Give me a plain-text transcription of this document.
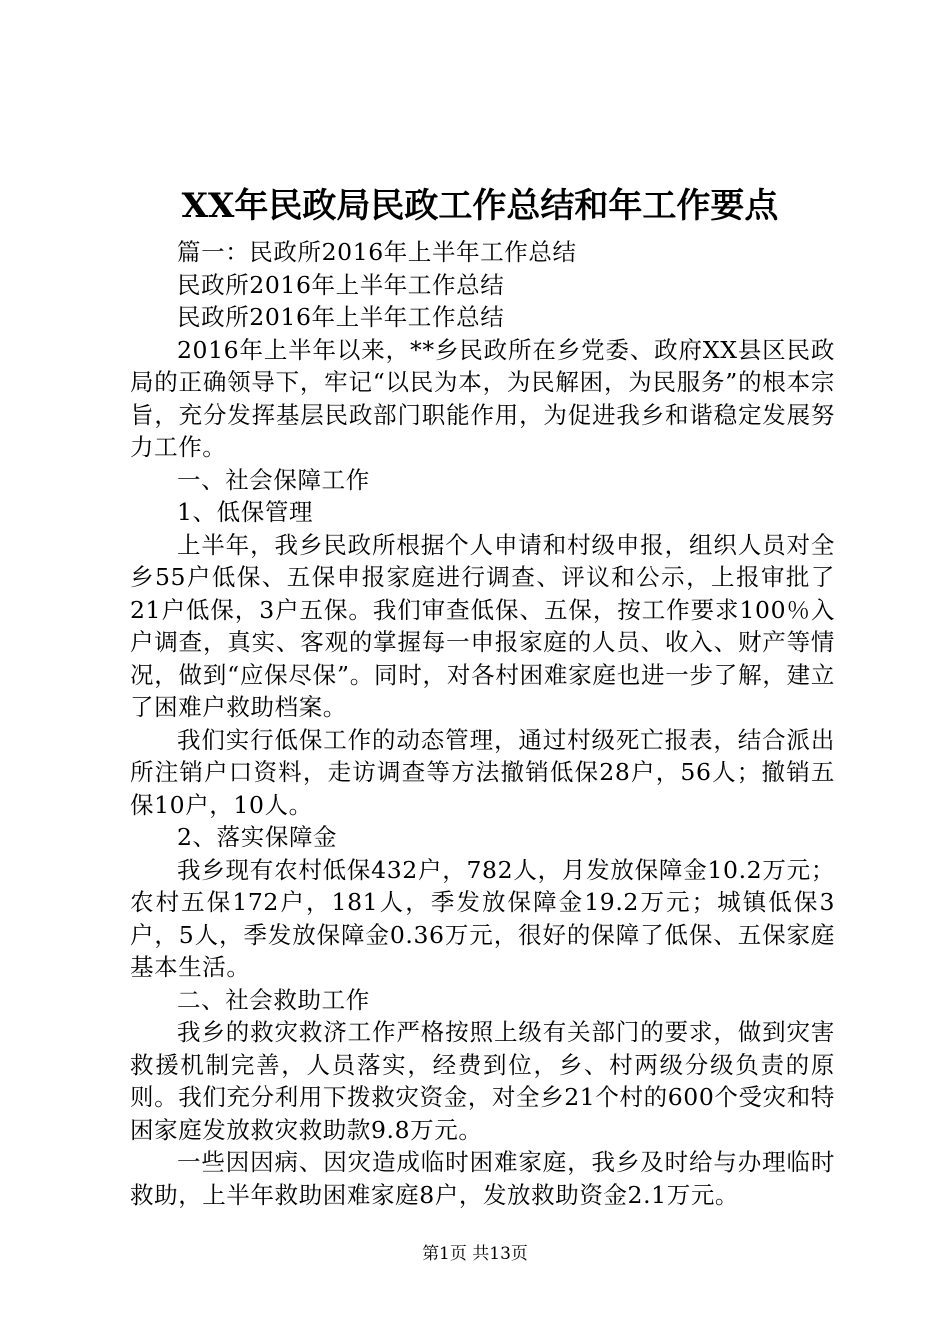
XX年民政局民政工作总结和年工作要点

篇一：民政所2016年上半年工作总结

民政所2016年上半年工作总结

民政所2016年上半年工作总结

2016年上半年以来，**乡民政所在乡党委、政府XX县区民政局的正确领导下，牢记“以民为本，为民解困，为民服务”的根本宗旨，充分发挥基层民政部门职能作用，为促进我乡和谐稳定发展努力工作。

一、社会保障工作

1、低保管理

上半年，我乡民政所根据个人申请和村级申报，组织人员对全乡55户低保、五保申报家庭进行调查、评议和公示，上报审批了21户低保，3户五保。我们审查低保、五保，按工作要求100％入户调查，真实、客观的掌握每一申报家庭的人员、收入、财产等情况，做到“应保尽保”。同时，对各村困难家庭也进一步了解，建立了困难户救助档案。

我们实行低保工作的动态管理，通过村级死亡报表，结合派出所注销户口资料，走访调查等方法撤销低保28户，56人；撤销五保10户，10人。

2、落实保障金

我乡现有农村低保432户，782人，月发放保障金10.2万元；农村五保172户，181人，季发放保障金19.2万元；城镇低保3户，5人，季发放保障金0.36万元，很好的保障了低保、五保家庭基本生活。

二、社会救助工作

我乡的救灾救济工作严格按照上级有关部门的要求，做到灾害救援机制完善，人员落实，经费到位，乡、村两级分级负责的原则。我们充分利用下拨救灾资金，对全乡21个村的600个受灾和特困家庭发放救灾救助款9.8万元。

一些因因病、因灾造成临时困难家庭，我乡及时给与办理临时救助，上半年救助困难家庭8户，发放救助资金2.1万元。

第1页 共13页
